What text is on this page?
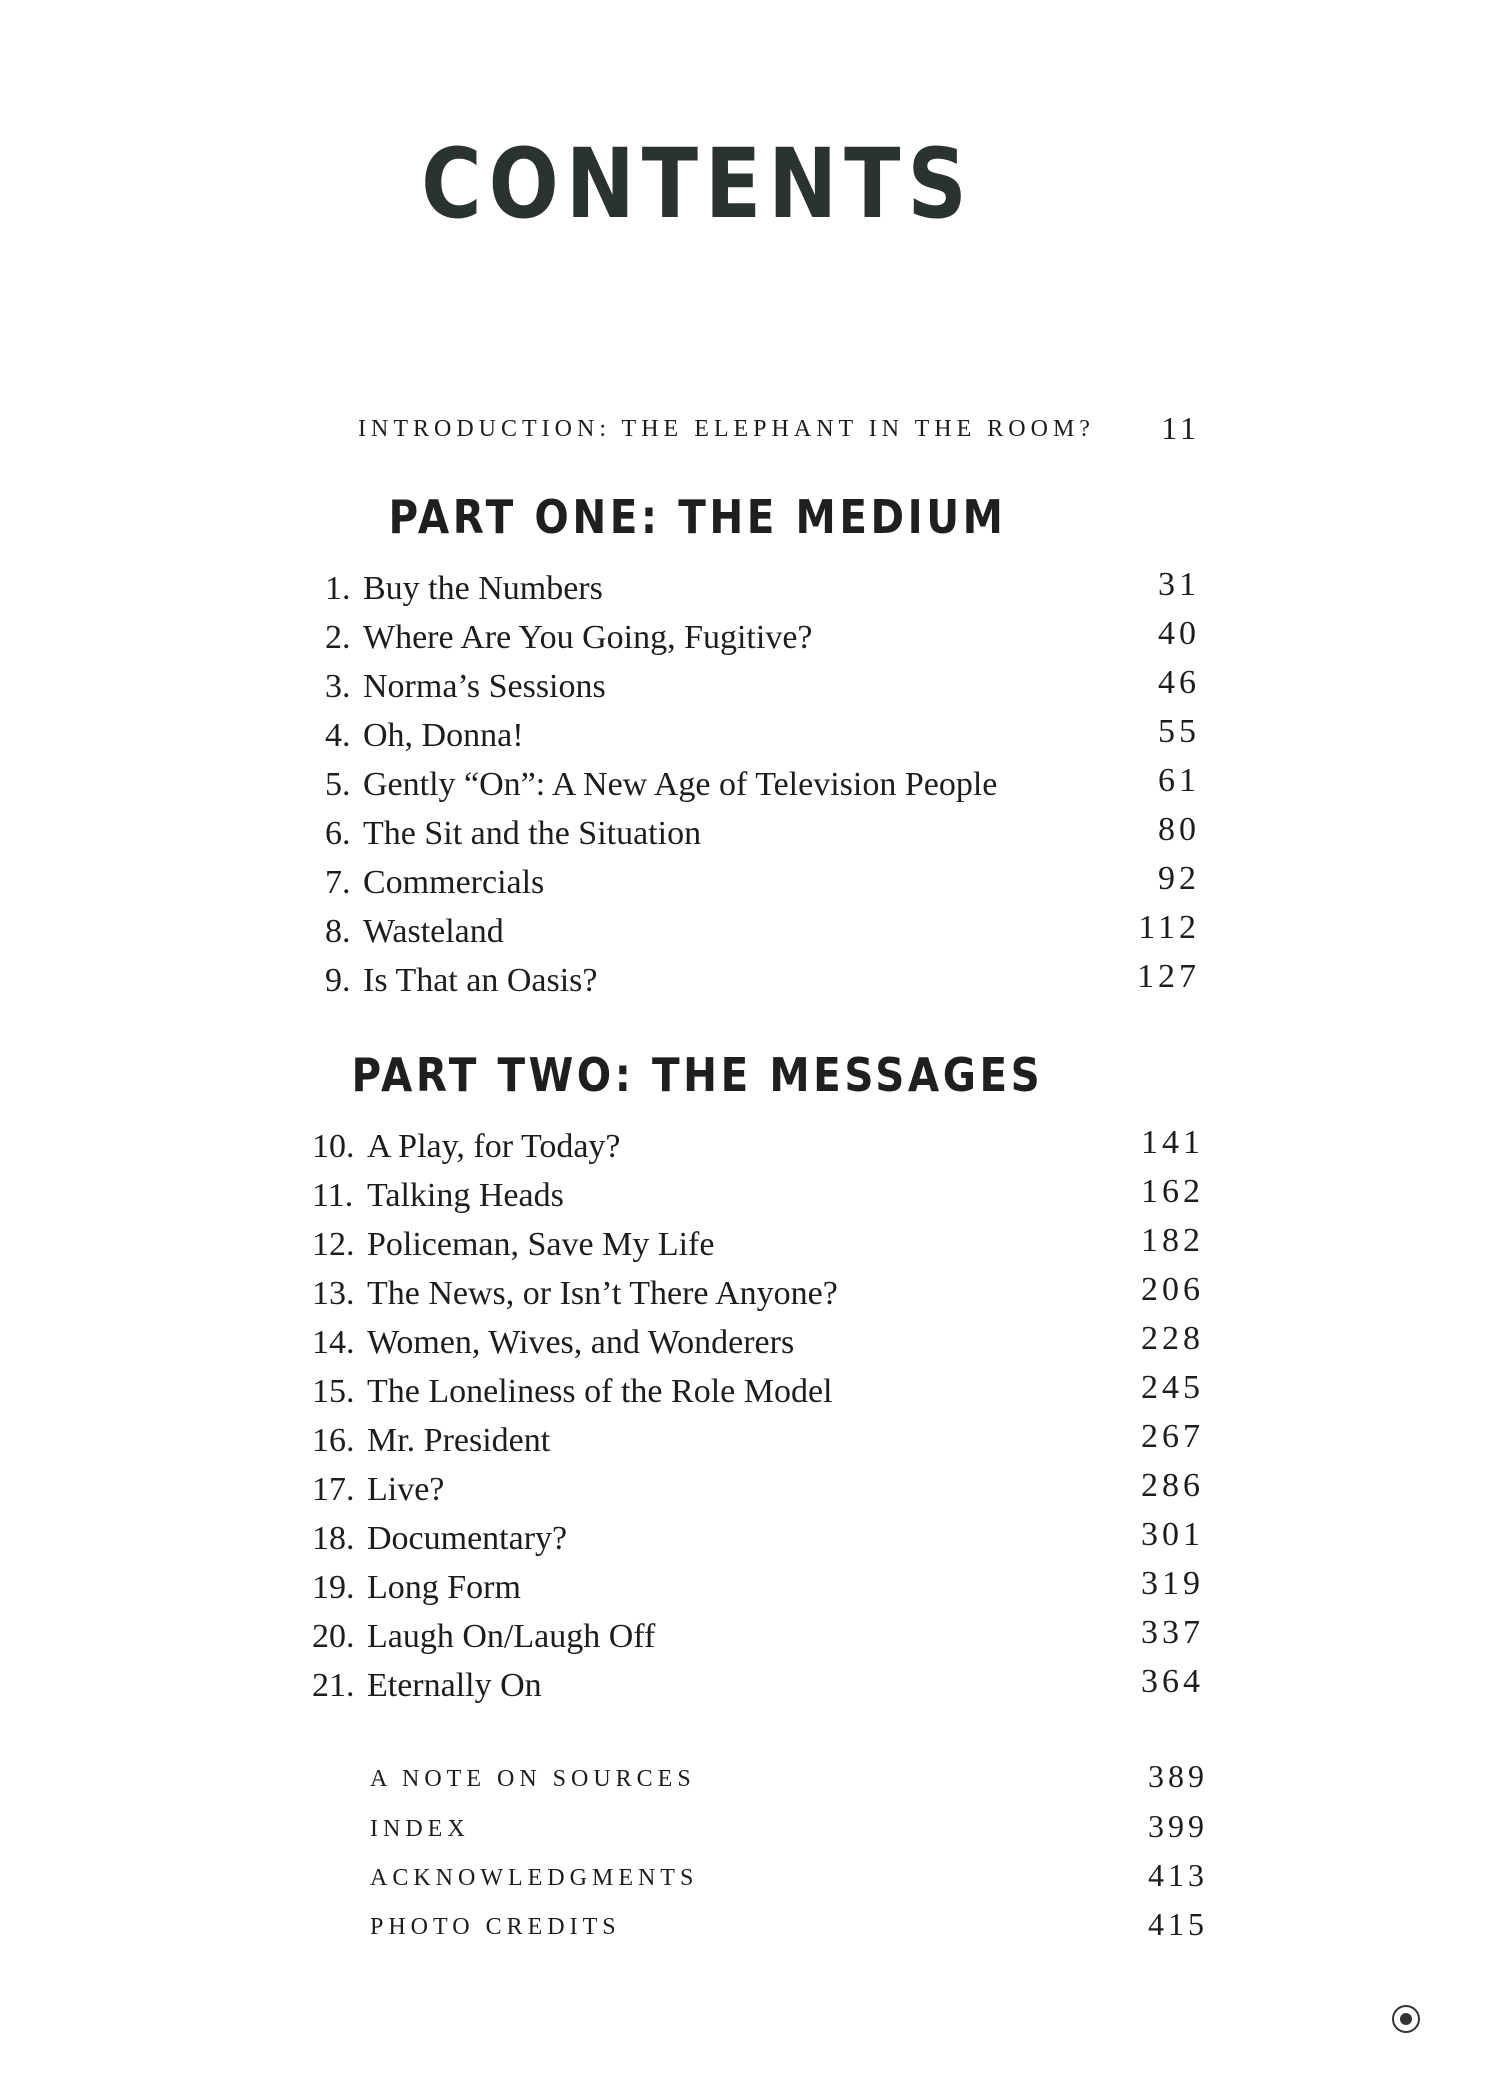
CONTENTS
INTRODUCTION: THE ELEPHANT IN THE ROOM? 11
PART ONE: THE MEDIUM
1. Buy the Numbers	31
2. Where Are You Going, Fugitive?	40
3. Norma’s Sessions	46
4. Oh, Donna!	55
5. Gently “On”: A New Age of Television People	61
6. The Sit and the Situation	80
7. Commercials	92
8. Wasteland	112
9. Is That an Oasis?	127
PART TWO: THE MESSAGES
10. A Play, for Today?	141
11. Talking Heads	162
12. Policeman, Save My Life	182
13. The News, or Isn’t There Anyone?	206
14. Women, Wives, and Wonderers	228
15. The Loneliness of the Role Model	245
16. Mr. President	267
17. Live?	286
18. Documentary?	301
19. Long Form	319
20. Laugh On/Laugh Off	337
21. Eternally On	364
A NOTE ON SOURCES	389
INDEX	399
ACKNOWLEDGMENTS	413
PHOTO CREDITS	415
